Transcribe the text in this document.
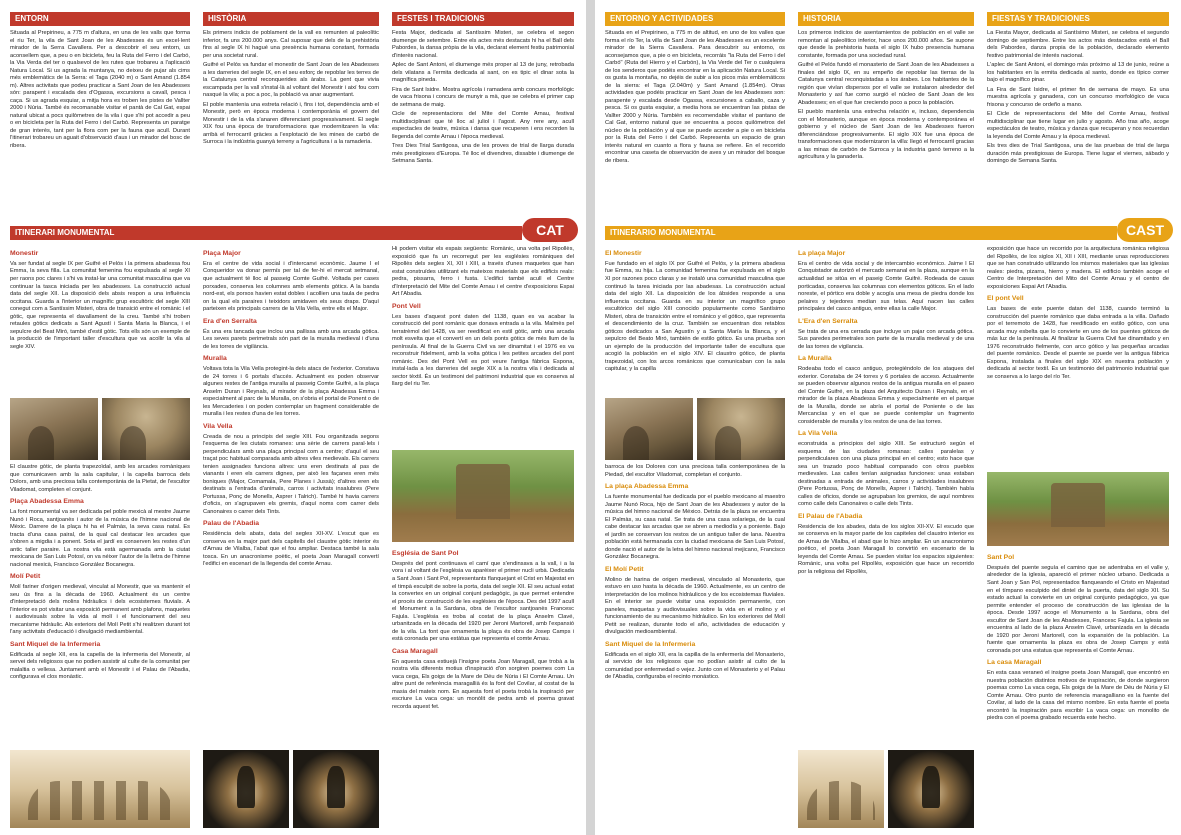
ENTORN	HISTÒRIA	FESTES I TRADICIONS

Situada al Prepirineu, a 775 m d'altura, en una de les valls que forma el riu Ter, la vila de Sant Joan de les Abadesses és un excel·lent mirador de la Serra Cavallera. Per a descobrir el seu entorn, us aconsellem que, a peu o en bicicleta, feu la Ruta del Ferro i del Carbó, la Via Verda del ter o qualsevol de les rutes que trobareu a l'aplicació Natura Local. Si us agrada la muntanya, no deixeu de pujar als cims més emblemàtics de la Serra: el Taga (2040 m) o Sant Amand (1.854 m). Altres activitats que podeu practicar a Sant Joan de les Abadesses són: parapent i escalada des d'Ogassa, excursions a cavall, pesca i caça. Si us agrada esquiar, a mitja hora es troben les pistes de Vallter 2000 i Núria. També és recomanable visitar el pantà de Cal Gat, espai natural ubicat a pocs quilòmetres de la vila i que s'hi pot accedir a peu o en bicicleta per la Ruta del Ferro i del Carbó. Representa un paratge de gran interès, tant per la flora com per la fauna que acull. Durant l'itinerari trobareu un aguait d'observació d'aus i un mirador del bosc de ribera.

Els primers indicis de poblament de la vall es remunten al paleolític inferior, fa uns 200.000 anys. Cal suposar que dels de la prehistòria fins al segle IX hi hagué una presència humana constant, formada per una societat rural.

Guifré el Pelós va fundar el monestir de Sant Joan de les Abadesses a les darreries del segle IX, en el seu esforç de repoblar les terres de la Catalunya central reconquerides als àrabs. La gent que vivia escampada per la vall s'instal·là al voltant del Monestir i així fou com nasqué la vila; a poc a poc, la població va anar augmentant.

El poble mantenia una estreta relació i, fins i tot, dependència amb el Monestir, però en època moderna i contemporània el govern del Monestir i de la vila s'anaren diferenciant progressivament. El segle XIX fou una època de transformacions que modernitzaren la vila: arribà el ferrocarril gràcies a l'explotació de les mines de carbó de Surroca i la indústria guanyà terreny a l'agricultura i a la ramaderia.

Festa Major, dedicada al Santíssim Misteri, se celebra el segon diumenge de setembre. Entre els actes més destacats hi ha el Ball dels Pabordes, la dansa pròpia de la vila, declarat element festiu patrimonial d'interès nacional.

Aplec de Sant Antoni, el diumenge més proper al 13 de juny, retrobada dels vilatans a l'ermita dedicada al sant, on es tipic el dinar sota la magnífica pineda.

Fira de Sant Isidre. Mostra agrícola i ramadera amb concurs morfològic de vaca frisona i concurs de munyir a mà, que se celebra el primer cap de setmana de maig.

Cicle de representacions del Mite del Comte Arnau, festival multidisciplinari que té lloc al juliol i l'agost. Any rere any, acull espectacles de teatre, música i dansa que recuperen i ens recorden la llegenda del comte Arnau i l'època medieval.

Tres Dies Trial Santigosa, una de les proves de trial de llarga durada més prestigioses d'Europa. Té lloc el divendres, dissabte i diumenge de Setmana Santa.

CAT
ITINERARI MONUMENTAL
Monestir

Va ser fundat al segle IX per Guifré el Pelós i la primera abadessa fou Emma, la seva filla. La comunitat femenina fou expulsada al segle XI per raons poc clares i s'hi va instal·lar una comunitat masculina que va continuar la tasca iniciada per les abadesses. La construcció actual data del segle XII. La disposició dels absis respon a una influència occitana. Guarda a l'interior un magnífic grup escultòric del segle XIII conegut com a Santíssim Misteri, obra de transició entre el romànic i el gòtic, que representa el davallament de la creu. També s'hi troben retaules gòtics dedicats a Sant Agustí i Santa Maria la Blanca, i el sepulcre del Beat Miró, també d'estil gòtic. Tots ells són un exemple de la producció de l'important taller d'escultura que va acollir la vila al segle XIV.

El claustre gòtic, de planta trapezoïdal, amb les arcades romàniques que comunicaven amb la sala capitular, i la capella barroca dels Dolors, amb una preciosa talla contemporània de la Pietat, de l'escultor Viladomat, completen el conjunt.

Plaça Abadessa Emma

La font monumental va ser dedicada pel poble mexicà al mestre Jaume Nunó i Roca, santjoanès i autor de la música de l'himne nacional de Mèxic. Darrere de la plaça hi ha el Palmàs, la seva casa natal. Es tracta d'una casa pairal, de la qual cal destacar les arcades que s'obren a migdia i a ponent. Sota el jardí es conserven les restes d'un antic taller paraire. La nostra vila està agermanada amb la ciutat mexicana de San Luis Potosí, on va néixer l'autor de la lletra de l'himne nacional mexicà, Francisco González Bocanegra.

Molí Petit

Molí fariner d'origen medieval, vinculat al Monestir, que va mantenir el seu ús fins a la dècada de 1960. Actualment és un centre d'interpretació dels molins hidràulics i dels ecosistemes fluvials. A l'interior es pot visitar una exposició permanent amb plafons, maquetes i audiovisuals sobre la vida al molí i el funcionament del seu mecanisme hidràulic. Als exteriors del Molí Petit s'hi realitzen durant tot l'any activitats d'educació i divulgació mediambiental.

Sant Miquel de la Infermeria

Edificada al segle XII, era la capella de la infermeria del Monestir, al servei dels religiosos que no podien assistir al culte de la comunitat per malaltia o vellesa. Juntament amb el Monestir i el Palau de l'Abadia, configurava el clos monàstic.

Plaça Major

Era el centre de vida social i d'intercanvi econòmic. Jaume I el Conqueridor va donar permís per tal de fer-hi el mercat setmanal, que actualment té lloc al passeig Comte Guifré. Voltada per cases porxades, conserva les columnes amb elements gòtics. A la banda nord-est, els porxos havien estat dobles i acollien una taula de pedra on la qual els paraires i teixidors amidaven els seus draps. D'aquí parteixen els principals carrers de la Vila Vella, entre ells el Major.

Era d'en Serralta

És una era tancada que inclou una pallissa amb una arcada gòtica. Les seves parets perimetrals són part de la muralla medieval i d'una de les torres de vigilància.

Muralla

Voltava tota la Vila Vella protegint-la dels atacs de l'exterior. Constava de 24 torres i 6 portals d'accés. Actualment es poden observar algunes restes de l'antiga muralla al passeig Comte Guifré, a la plaça Anselm Duran i Reynals, al mirador de la plaça Abadessa Emma i especialment al parc de la Muralla, on s'obria el portal de Ponent o de les Mercaderies i on poden contemplar un fragment considerable de muralla i les restes d'una de les torres.

Vila Vella

Creada de nou a principis del segle XIII. Fou organitzada segons l'esquema de les ciutats romanes: una sèrie de carrers paral·lels i perpendiculars amb una plaça principal com a centre; d'aquí el seu traçat poc habitual comparada amb altres viles medievals. Els carrers tenien assignades funcions altres: uns eren destinats al pas de vianants i eren els carrers dignes, per això les façanes eren més boniques (Major, Comamala, Pere Planes i Jussà); d'altres eren els destinats a l'entrada d'animals, carros i activitats insalubres (Pere Portussa, Ponç de Monells, Asprer i Talrich). També hi havia carrers d'oficis, on s'agrupaven els gremis, d'aquí noms com carrer dels Canonaires o carrer dels Tints.

Palau de l'Abadia

Residència dels abats, data del segles XII-XV. L'escut que es conserva en la major part dels capitells del claustre gòtic interior és d'Arnau de Vilalba, l'abat que el fou ampliar. Destaca també la sala tosca. En un anacronisme poètic, el poeta Joan Maragall convertí l'edifici en escenari de la llegenda del comte Arnau.

Hi podem visitar els espais següents: Romànic, una volta pel Ripollès, exposició que fa un recorregut per les esglésies romàniques del Ripollès dels segles XI, XII i XIII, a través d'unes maquetes que han estat construïdes utilitzant els mateixos materials que els edificis reals: pedra, pissarra, ferro i fusta. L'edifici també acull el Centre d'Interpretació del Mite del Comte Arnau i el centre d'exposicions Espai Art l'Abadia.

Pont Vell

Les bases d'aquest pont daten del 1138, quan es va acabar la construcció del pont romànic que donava entrada a la vila. Malmès pel terratrèmol del 1428, va ser reedificat en estil gòtic, amb una arcada molt esvelta que el convertí en un dels ponts gòtics de més llum de la península. Al final de la Guerra Civil va ser dinamitat i el 1976 es va reconstruir fidelment, amb la volta gòtica i les petites arcades del pont romànic. Des del Pont Vell es pot veure l'antiga fàbrica Espona, instal·lada a les darreries del segle XIX a la nostra vila i dedicada al sector tèxtil. És un testimoni del patrimoni industrial que es conserva al llarg del riu Ter.

Església de Sant Pol

Després del pont continuava el camí que s'endinsava a la vall, i a la vora i al voltant de l'església va aparèixer el primer nucli urbà. Dedicada a Sant Joan i Sant Pol, representants flanquejant el Crist en Majestat en el timpà esculpit de sobre la porta, data del segle XII. El seu actual estat la convertex en un original conjunt pedagògic, ja que permet entendre el procés de construcció de les esglésies de l'època. Des del 1997 acull el Monument a la Sardana, obra de l'escultor santjoanès Francesc Fajula. L'església es troba al costat de la plaça Anselm Clavé, urbanitzada en la dècada del 1920 per Jeroni Martorell, amb l'expansió de la vila. La font que ornamenta la plaça és obra de Josep Camps i està coronada per una estàtua que representa el comte Arnau.

Casa Maragall

En aquesta casa estiuejà l'insigne poeta Joan Maragall, que trobà a la nostra vila diferents motius d'inspiració d'on sorgiren poemes com La vaca cega, Els goigs de la Mare de Déu de Núria i El Comte Arnau. Un altre punt de referència maragallià és la font del Covilar, al costat de la masia del mateix nom. En aquesta font el poeta trobà la inspiració per escriure La vaca cega: un monòlit de pedra amb el poema gravat recorda aquest fet.

ENTORNO Y ACTIVIDADES	HISTORIA	FIESTAS Y TRADICIONES

Situada en el Prepirineo, a 775 m de altitud, en uno de los valles que forma el río Ter, la villa de Sant Joan de les Abadesses es un excelente mirador de la Sierra Cavallera. Para descubrir su entorno, os aconsejamos que, a pie o en bicicleta, recorráis "la Ruta del Ferro i del Carbó" (Ruta del Hierro y el Carbón), la Via Verde del Ter o cualquiera de los senderos que podéis encontrar en la aplicación Natura Local. Si os gusta la montaña, no dejéis de subir a los picos más emblemáticos de la sierra: el Taga (2.040m) y Sant Amand (1.854m). Otras actividades que podéis practicar en Sant Joan de les Abadesses son: parapente y escalada desde Ogassa, excursiones a caballo, caza y pesca. Si os gusta esquiar, a media hora se encuentran las pistas de Vallter 2000 y Núria. También es recomendable visitar el pantano de Cal Gat, entorno natural que se encuentra a pocos quilómetros del núcleo de la población y al que se puede acceder a pie o en bicicleta por la Ruta del Ferro i del Carbó. Representa un espacio de gran interés natural en cuanto a flora y fauna se refiere. En el recorrido encontrar una caseta de observación de aves y un mirador del bosque de ribera.

Los primeros indicios de asentamientos de población en el valle se remontan al paleolítico inferior, hace unos 200.000 años. Se supone que desde la prehistoria hasta el siglo IX hubo presencia humana constante, formada por una sociedad rural.

Guifré el Pelós fundó el monasterio de Sant Joan de les Abadesses a finales del siglo IX, en su empeño de repoblar las tierras de la Catalunya central reconquistadas a los árabes. Los habitantes de la región que vivían dispersos por el valle se instalaron alrededor del Monasterio y así fue como surgió el núcleo de Sant Joan de les Abadesses; en el que fue creciendo poco a poco la población.

El pueblo mantenía una estrecha relación e, incluso, dependencia con el Monasterio, aunque en época moderna y contemporánea el gobierno y el núcleo de Sant Joan de les Abadesses fueron diferenciándose progresivamente. El siglo XIX fue una época de transformaciones que modernizaron la villa: llegó el ferrocarril gracias a las minas de carbón de Surroca y la industria ganó terreno a la agricultura y la ganadería.

La Fiesta Mayor, dedicada al Santísimo Misteri, se celebra el segundo domingo de septiembre. Entre los actos más destacados está el Ball dels Pabordes, danza propia de la población, declarado elemento festivo patrimonial de interés nacional.

L'aplec de Sant Antoni, el domingo más próximo al 13 de junio, reúne a los habitantes en la ermita dedicada al santo, donde es típico comer bajo el magnífico pinar.

La Fira de Sant Isidre, el primer fin de semana de mayo. Es una muestra agrícola y ganadera, con un concurso morfológico de vaca frisona y concurso de ordeño a mano.

El Cicle de representacions del Mite del Comte Arnau, festival multidisciplinar que tiene lugar en julio y agosto. Año tras año, acoge espectáculos de teatro, música y danza que recuperan y nos recuerdan la leyenda del Comte Arnau y la época medieval.

Els tres dies de Trial Santigosa, una de las pruebas de trial de larga duración más prestigiosas de Europa. Tiene lugar el viernes, sábado y domingo de Semana Santa.

CAST
ITINERARIO MONUMENTAL
El Monestir

Fue fundado en el siglo IX por Guifré el Pelós, y la primera abadesa fue Emma, su hija. La comunidad femenina fue expulsada en el siglo XI por razones poco claras y se instaló una comunidad masculina que continuó la tarea iniciada por las abadesas. La construcción actual data del siglo XII. La disposición de los ábsides responde a una influencia occitana. Guarda en su interior un magnífico grupo escultórico del siglo XIII conocido popularmente como Santísimo Misteri, obra de transición entre el románico y el gótico, que representa el descendimiento de la cruz. También se encuentran dos retablos góticos dedicados a San Agustín y a Santa María la Blanca, y el sepulcro del Beato Miró, también de estilo gótico. Es una prueba son un ejemplo de la producción del importante taller de escultura que acogió la población en el siglo XIV. El claustro gótico, de planta trapezoidal, con los arcos románicos que comunicaban con la sala capitular, y la capilla

barroca de los Dolores con una preciosa talla contemporánea de la Piedad, del escultor Viladomat, completan el conjunto.

La plaça Abadessa Emma

La fuente monumental fue dedicada por el pueblo mexicano al maestro Jaume Nunó Roca, hijo de Sant Joan de les Abadesses y autor de la música del himno nacional de México. Detrás de la plaza se encuentra El Palmàs, su casa natal. Se trata de una casa solariega, de la cual cabe destacar las arcadas que se abren a mediodía y a poniente. Bajo el jardín se conservan los restos de un antiguo taller de lana. Nuestra población está hermanada con la ciudad mexicana de San Luis Potosí, donde nació el autor de la letra del himno nacional mejicano, Francisco González Bocanegra.

El Molí Petit

Molino de harina de origen medieval, vinculado al Monasterio, que estuvo en uso hasta la década de 1960. Actualmente, es un centro de interpretación de los molinos hidráulicos y de los ecosistemas fluviales. En el interior se puede visitar una exposición permanente, con paneles, maquetas y audiovisuales sobre la vida en el molino y el funcionamiento de su mecanismo hidráulico. En los exteriores del Molí Petit se realizan, durante todo el año, actividades de educación y divulgación medioambiental.

Sant Miquel de la Infermeria

Edificada en el siglo XII, era la capilla de la enfermería del Monasterio, al servicio de los religiosos que no podían asistir al culto de la comunidad por enfermedad o vejez. Junto con el Monasterio y el Palau de l'Abadia, configuraba el recinto monástico.

La plaça Major

Era el centro de vida social y de intercambio económico. Jaime I El Conquistador autorizó el mercado semanal en la plaza, aunque en la actualidad se sitúa en el paseig Comte Guifré. Rodeada de casas porticadas, conserva las columnas con elementos góticos. En el lado noreste, el pórtico era doble y acogía una mesa de piedra donde los pelaires y tejedores median sus telas. Aquí nacen las calles principales del casco antiguo, entre ellas la calle Major.

L'Era d'en Serralta

Se trata de una era cerrada que incluye un pajar con arcada gótica. Sus paredes perimetrales son parte de la muralla medieval y de una de las torres de vigilancia.

La Muralla

Rodeaba todo el casco antiguo, protegiéndolo de los ataques del exterior. Constaba de 24 torres y 6 portales de acceso. Actualmente se pueden observar algunos restos de la antigua muralla en el paseo del Comte Guifré, en la plaza del Arquitecto Duran i Reynals, en el mirador de la plaza Abadessa Emma y especialmente en el parque de la Muralla, donde se abría el portal de Poniente o de las Mercancías y en el que se puede contemplar un fragmento considerable de muralla y los restos de una de las torres.

La Vila Vella

econstruida a principios del siglo XIII. Se estructuró según el esquema de las ciudades romanas: calles paralelas y perpendiculares con una plaza principal en el centro; esto hace que sea un trazado poco habitual comparado con otros pueblos medievales. Las calles tenían asignadas funciones: unas estaban destinadas a entrada de animales, carros y actividades insalubres (Pere Portussa, Ponç de Monells, Asprer i Talrich). También había calles de oficios, donde se agrupaban los gremios, de aquí nombres como calle dels Canonaires o calle dels Tints.

El Palau de l'Abadia

Residencia de los abades, data de los siglos XII-XV. El escudo que se conserva en la mayor parte de los capiteles del claustro interior es de Arnau de Vilalba, el abad que lo hizo ampliar. En un anacronismo poético, el poeta Joan Maragall lo convirtió en escenario de la leyenda del Comte Arnau. Se pueden visitar los espacios siguientes: Románic, una volta pel Ripollès, exposición que hace un recorrido por la religiosa del Ripollès,

exposición que hace un recorrido por la arquitectura románica religiosa del Ripollès, de los siglos XI, XII i XIII, mediante unas reproducciones que se han construido utilizando los mismos materiales que las iglesias reales: piedra, pizarra, hierro y madera. El edificio también acoge el Centro de Interpretación del Mito del Comte Arnau y el centro de exposiciones Espai Art l'Abadia.

El pont Vell

Las bases de este puente datan del 1138, cuando terminó la construcción del puente románico que daba entrada a la villa. Dañado por el terremoto de 1428, fue reedificado en estilo gótico, con una arcada muy esbelta que lo convierte en uno de los puentes góticos de más luz de la península. Al finalizar la Guerra Civil fue dinamitado y en 1976 reconstruido fielmente, con arco gótico y las pequeñas arcadas del puente románico. Desde el puente se puede ver la antigua fábrica Espona, instalada a finales del siglo XIX en nuestra población y dedicada al sector textil. Es un testimonio del patrimonio industrial que se conserva a lo largo del río Ter.

Sant Pol

Después del puente seguía el camino que se adentraba en el valle y, alrededor de la iglesia, apareció el primer núcleo urbano. Dedicada a Sant Joan y San Pol, representados flanqueando el Cristo en Majestad en el tímpano esculpido del dintel de la puerta, data del siglo XII. Su estado actual la convierte en un original conjunto pedagógico, ya que permite entender el proceso de construcción de las iglesias de la época. Desde 1997 acoge el Monumento a la Sardana, obra del escultor de Sant Joan de les Abadesses, Francesc Fajula. La iglesia se encuentra al lado de la plaza Anselm Clavé, urbanizada en la década de 1920 por Jeroni Martorell, con la expansión de la población. La fuente que ornamenta la plaza es obra de Josep Camps y está coronada por una estatua que representa el Comte Arnau.

La casa Maragall

En esta casa veraneó el insigne poeta Joan Maragall, que encontró en nuestra población distintos motivos de inspiración, de donde surgieron poemas como La vaca cega, Els goigs de la Mare de Déu de Núria y El Comte Arnau. Otro punto de referencia maragalliano es la fuente del Covilar, al lado de la casa del mismo nombre. En esta fuente el poeta encontró la inspiración para escribir La vaca cega: un monolito de piedra con el poema grabado recuerda este hecho.
